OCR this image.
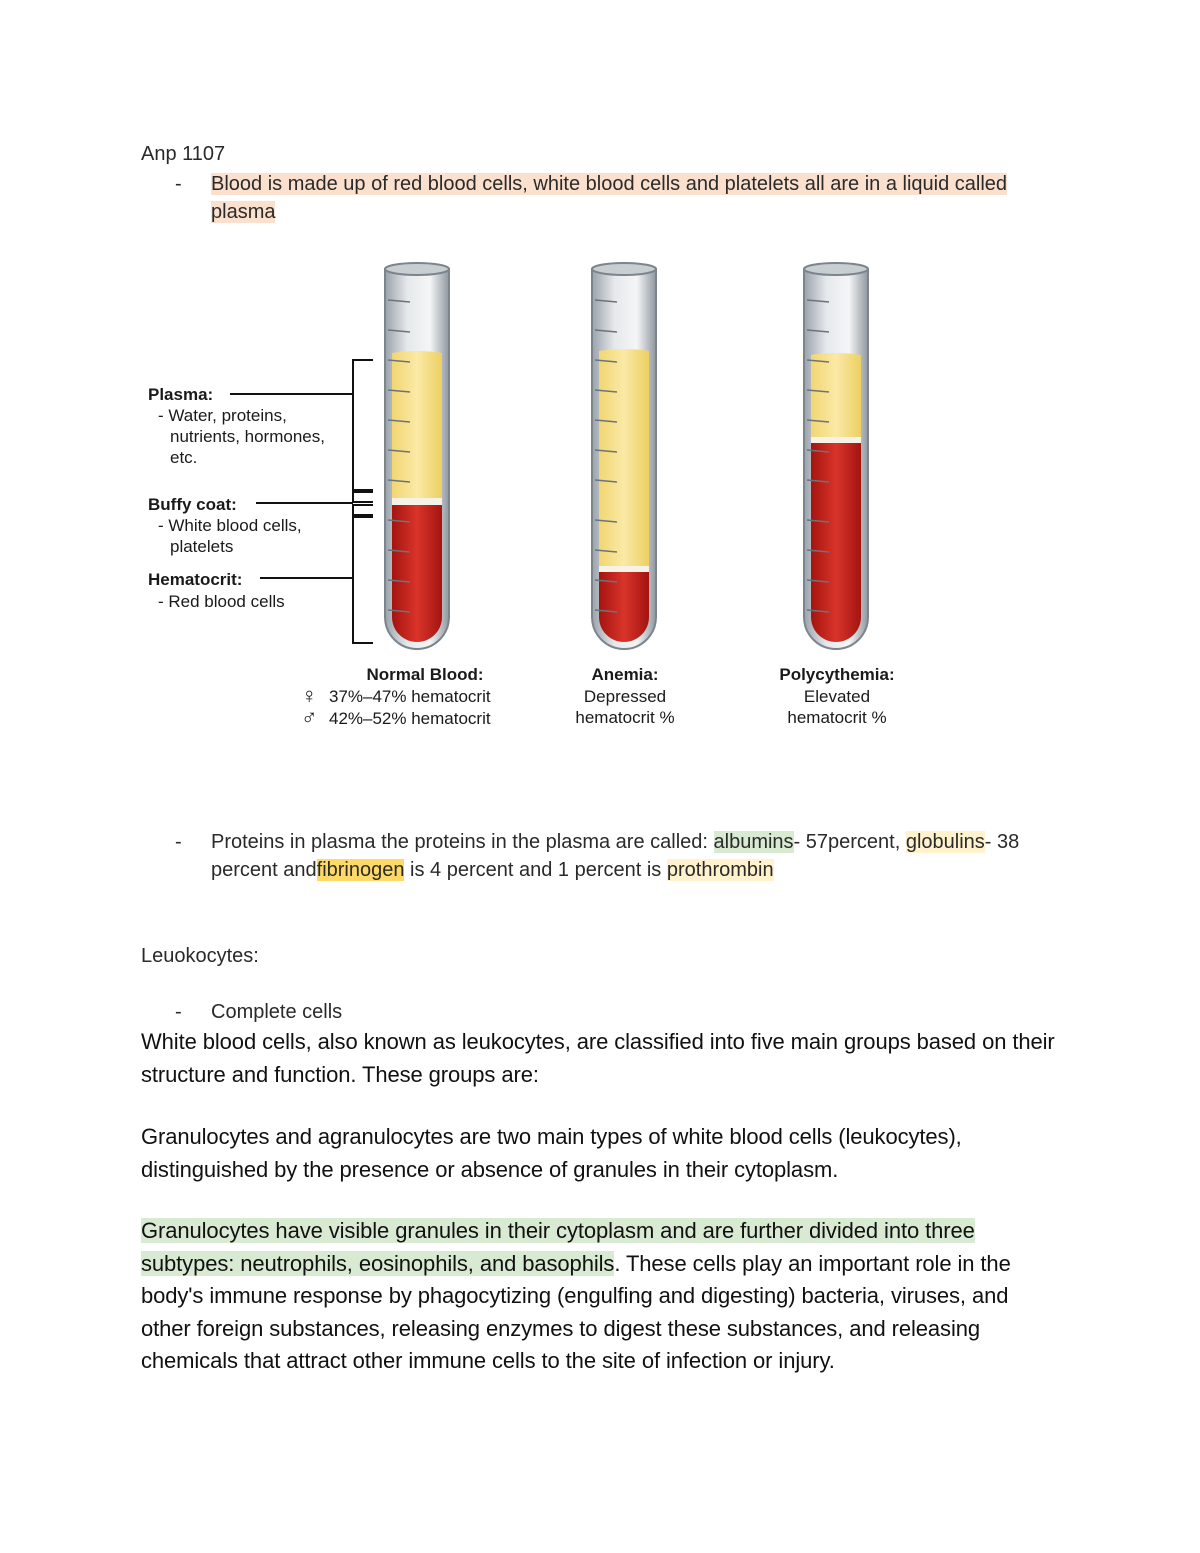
Anp 1107
- Blood is made up of red blood cells, white blood cells and platelets all are in a liquid called plasma
Plasma:
- Water, proteins,
nutrients, hormones,
etc.
Buffy coat:
- White blood cells,
platelets
Hematocrit:
- Red blood cells
Normal Blood:
♀ 37%–47% hematocrit
♂ 42%–52% hematocrit
Anemia:
Depressed
hematocrit %
Polycythemia:
Elevated
hematocrit %
- Proteins in plasma the proteins in the plasma are called: albumins- 57percent, globulins- 38 percent andfibrinogen is 4 percent and 1 percent is prothrombin
Leuokocytes:
- Complete cells
White blood cells, also known as leukocytes, are classified into five main groups based on their structure and function. These groups are:
Granulocytes and agranulocytes are two main types of white blood cells (leukocytes), distinguished by the presence or absence of granules in their cytoplasm.
Granulocytes have visible granules in their cytoplasm and are further divided into three subtypes: neutrophils, eosinophils, and basophils. These cells play an important role in the body's immune response by phagocytizing (engulfing and digesting) bacteria, viruses, and other foreign substances, releasing enzymes to digest these substances, and releasing chemicals that attract other immune cells to the site of infection or injury.
